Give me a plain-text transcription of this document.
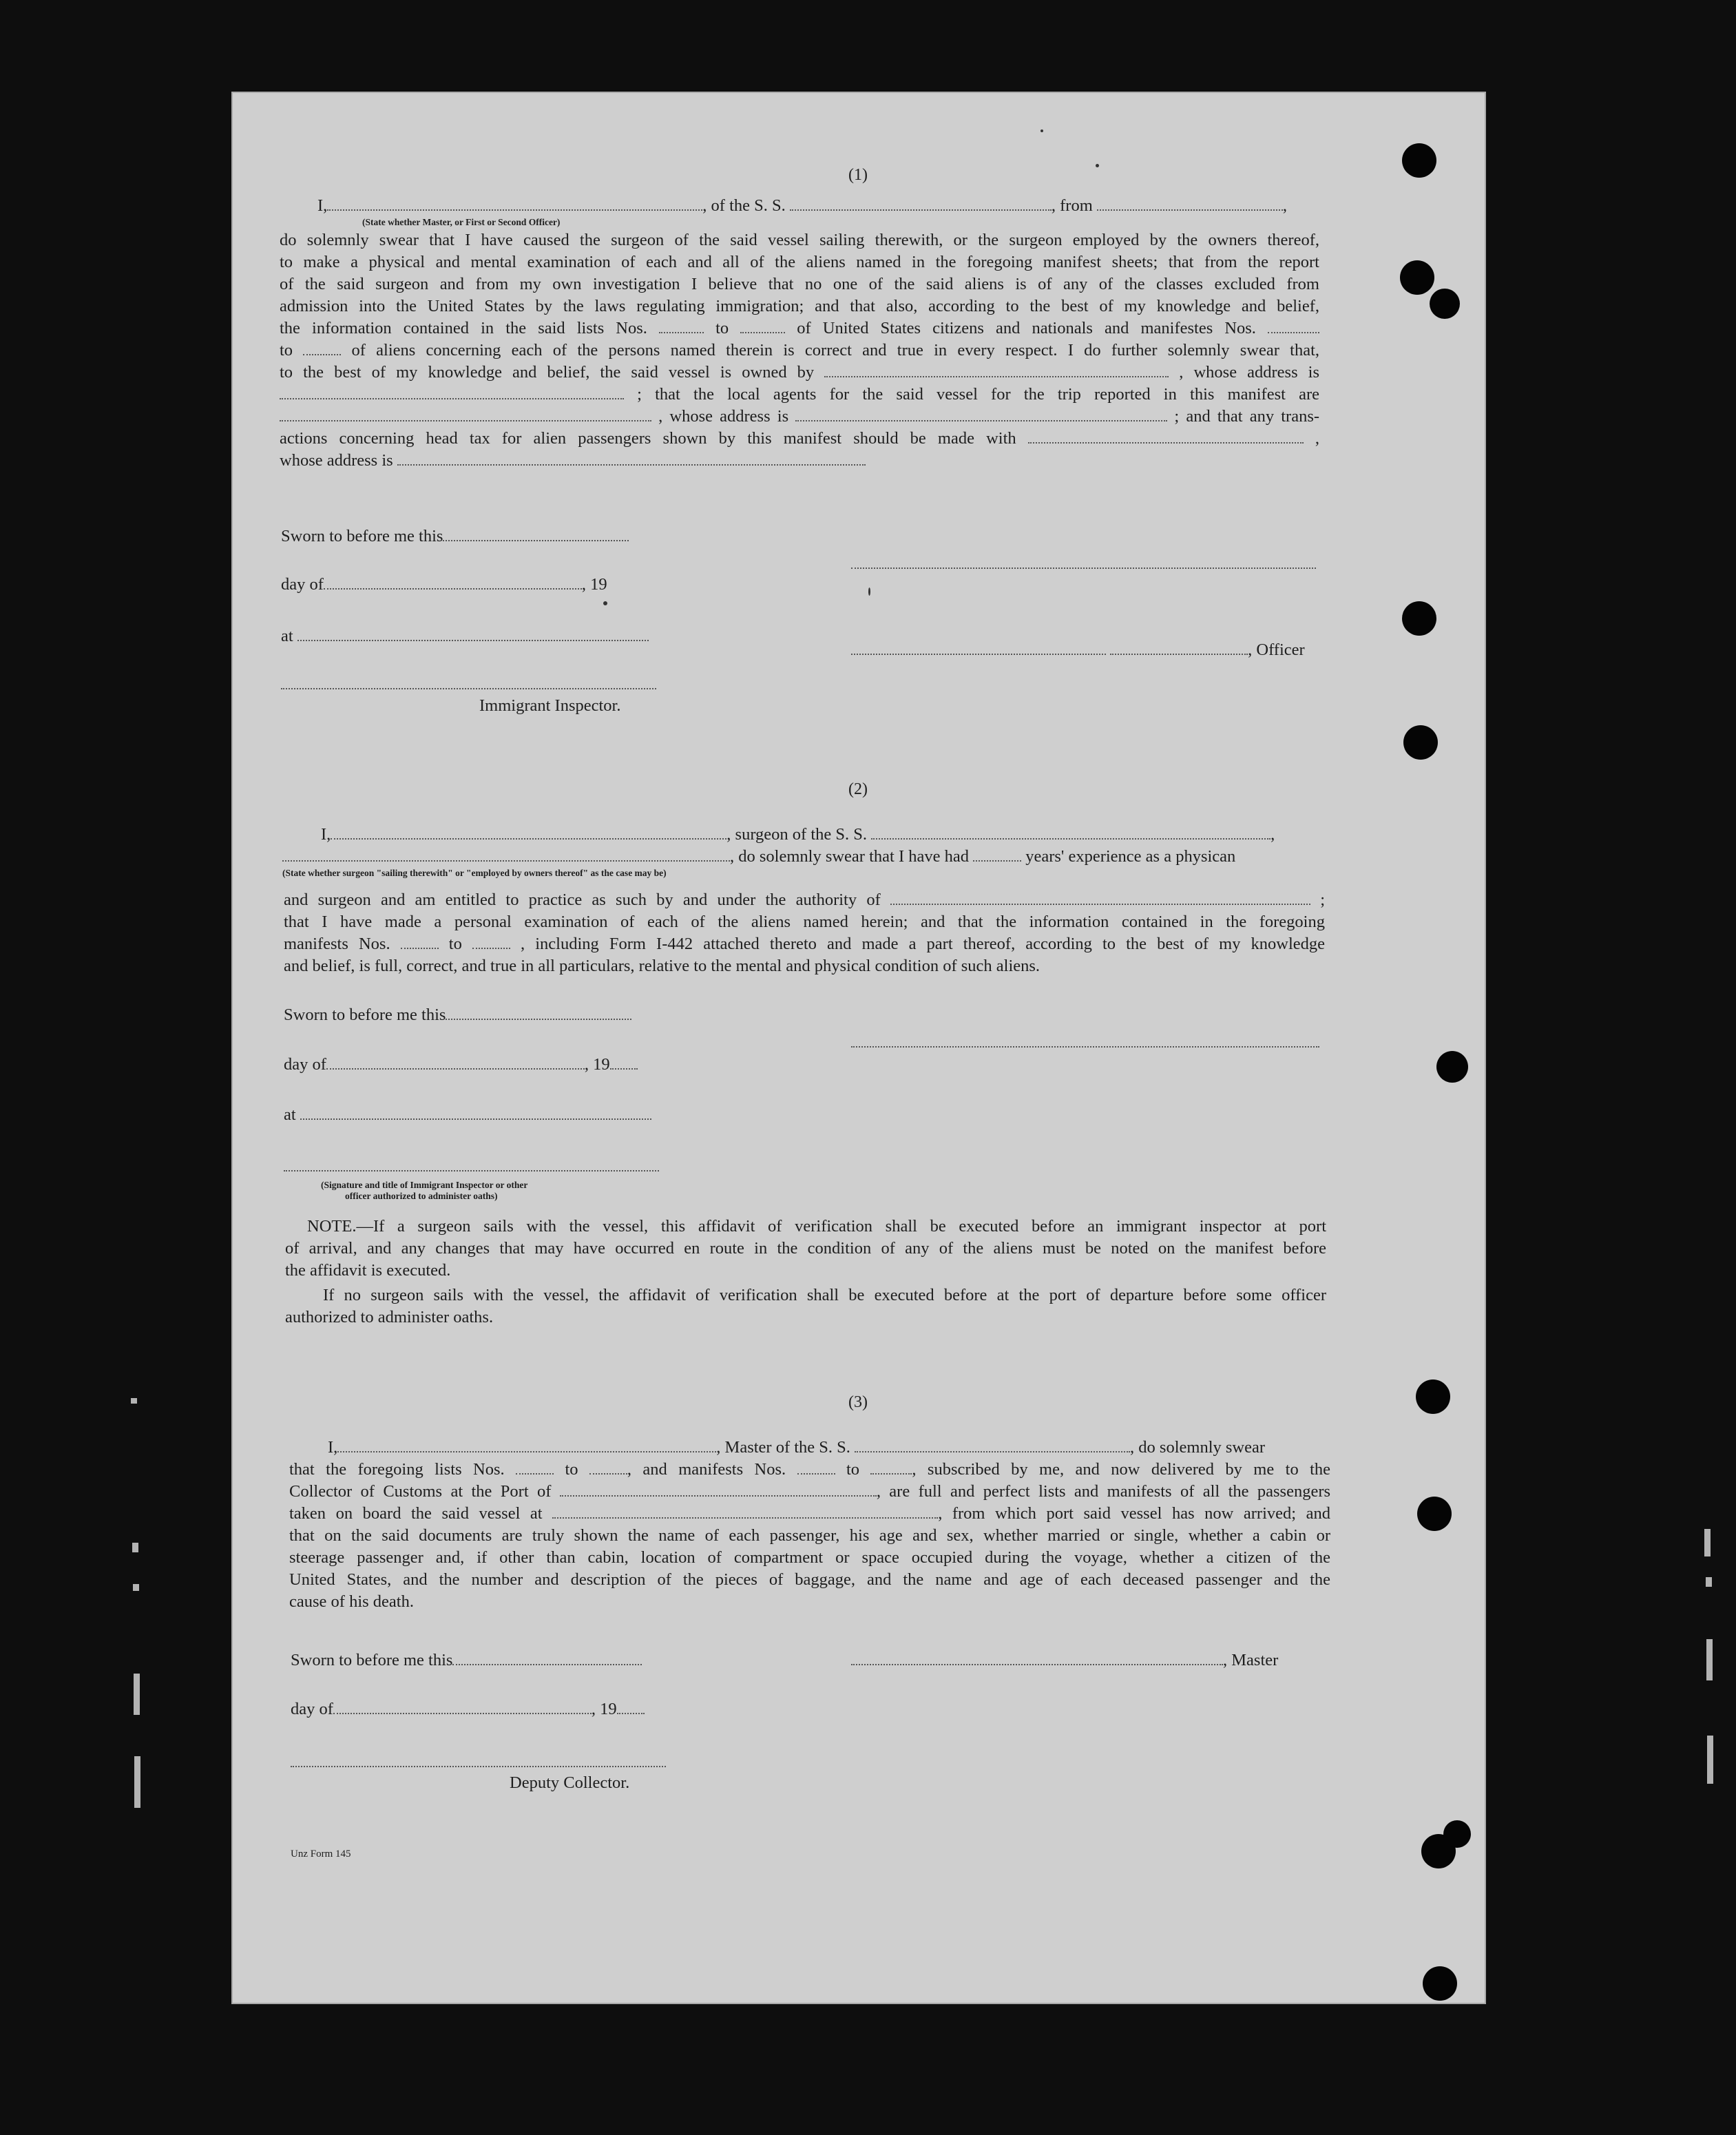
(1)
I,	, of the S. S.	, from	,
(State whether Master, or First or Second Officer)
do solemnly swear that I have caused the surgeon of the said vessel sailing therewith, or the surgeon employed by the owners thereof,
to make a physical and mental examination of each and all of the aliens named in the foregoing manifest sheets; that from the report
of the said surgeon and from my own investigation I believe that no one of the said aliens is of any of the classes excluded from
admission into the United States by the laws regulating immigration; and that also, according to the best of my knowledge and belief,
the information contained in the said lists Nos.	to	of United States citizens and nationals and manifestes Nos.
to	of aliens concerning each of the persons named therein is correct and true in every respect. I do further solemnly swear that,
to the best of my knowledge and belief, the said vessel is owned by	, whose address is
; that the local agents for the said vessel for the trip reported in this manifest are
, whose address is	; and that any trans-
actions concerning head tax for alien passengers shown by this manifest should be made with	,
whose address is
Sworn to before me this
day of	, 19
at
, Officer
Immigrant Inspector.
(2)
I,	, surgeon of the S. S.	,
, do solemnly swear that I have had	years' experience as a physican
(State whether surgeon "sailing therewith" or "employed by owners thereof" as the case may be)
and surgeon and am entitled to practice as such by and under the authority of	;
that I have made a personal examination of each of the aliens named herein; and that the information contained in the foregoing
manifests Nos.	to	, including Form I-442 attached thereto and made a part thereof, according to the best of my knowledge
and belief, is full, correct, and true in all particulars, relative to the mental and physical condition of such aliens.
Sworn to before me this
day of	, 19
at
(Signature and title of Immigrant Inspector or other
officer authorized to administer oaths)
NOTE.—If a surgeon sails with the vessel, this affidavit of verification shall be executed before an immigrant inspector at port
of arrival, and any changes that may have occurred en route in the condition of any of the aliens must be noted on the manifest before
the affidavit is executed.
If no surgeon sails with the vessel, the affidavit of verification shall be executed before at the port of departure before some officer
authorized to administer oaths.
(3)
I,	, Master of the S. S.	, do solemnly swear
that the foregoing lists Nos.	to	, and manifests Nos.	to	, subscribed by me, and now delivered by me to the
Collector of Customs at the Port of	, are full and perfect lists and manifests of all the passengers
taken on board the said vessel at	, from which port said vessel has now arrived; and
that on the said documents are truly shown the name of each passenger, his age and sex, whether married or single, whether a cabin or
steerage passenger and, if other than cabin, location of compartment or space occupied during the voyage, whether a citizen of the
United States, and the number and description of the pieces of baggage, and the name and age of each deceased passenger and the
cause of his death.
Sworn to before me this	, Master
day of	, 19
Deputy Collector.
Unz Form 145
